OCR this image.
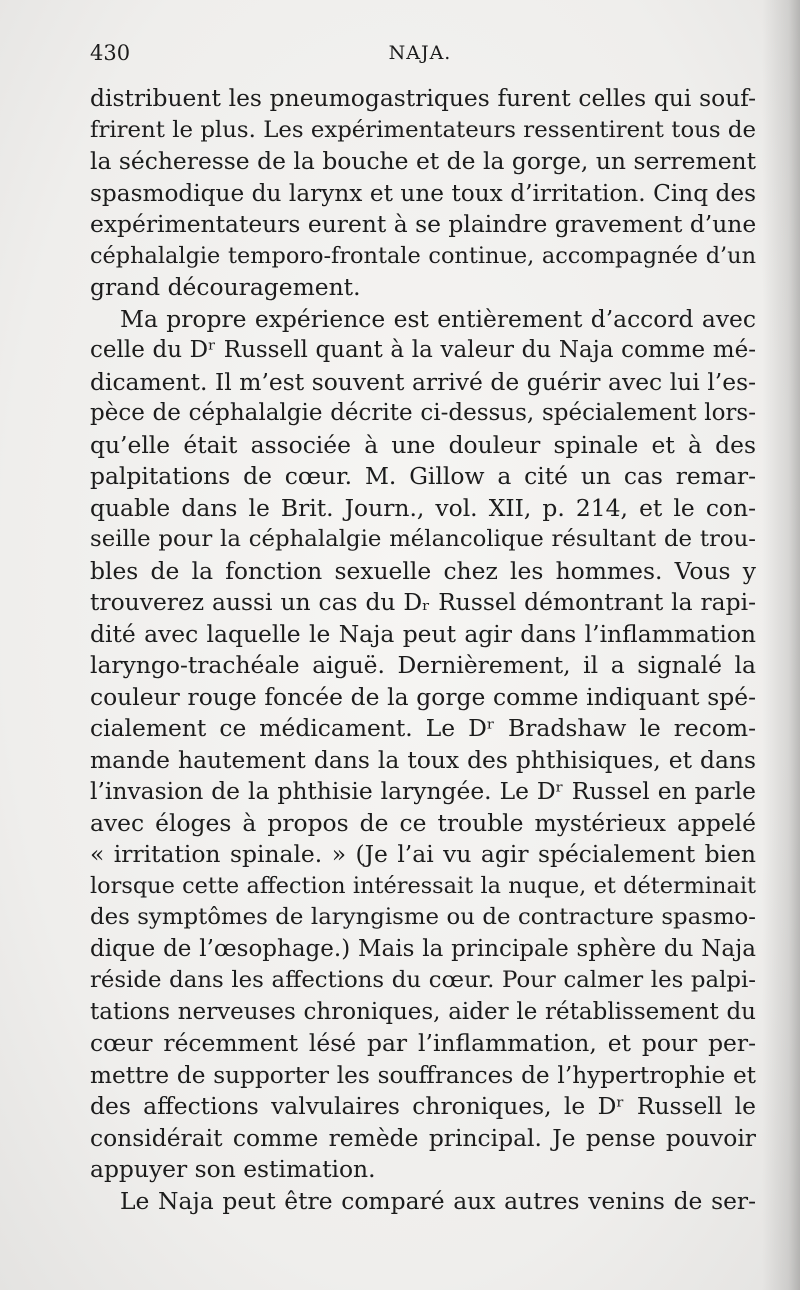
430	NAJA.
distribuent les pneumogastriques furent celles qui souf-
frirent le plus. Les expérimentateurs ressentirent tous de
la sécheresse de la bouche et de la gorge, un serrement
spasmodique du larynx et une toux d’irritation. Cinq des
expérimentateurs eurent à se plaindre gravement d’une
céphalalgie temporo-frontale continue, accompagnée d’un
grand découragement.
Ma propre expérience est entièrement d’accord avec
celle du Dʳ Russell quant à la valeur du Naja comme mé-
dicament. Il m’est souvent arrivé de guérir avec lui l’es-
pèce de céphalalgie décrite ci-dessus, spécialement lors-
qu’elle était associée à une douleur spinale et à des
palpitations de cœur. M. Gillow a cité un cas remar-
quable dans le Brit. Journ., vol. XII, p. 214, et le con-
seille pour la céphalalgie mélancolique résultant de trou-
bles de la fonction sexuelle chez les hommes. Vous y
trouverez aussi un cas du Dᵣ Russel démontrant la rapi-
dité avec laquelle le Naja peut agir dans l’inflammation
laryngo-trachéale aiguë. Dernièrement, il a signalé la
couleur rouge foncée de la gorge comme indiquant spé-
cialement ce médicament. Le Dʳ Bradshaw le recom-
mande hautement dans la toux des phthisiques, et dans
l’invasion de la phthisie laryngée. Le Dʳ Russel en parle
avec éloges à propos de ce trouble mystérieux appelé
« irritation spinale. » (Je l’ai vu agir spécialement bien
lorsque cette affection intéressait la nuque, et déterminait
des symptômes de laryngisme ou de contracture spasmo-
dique de l’œsophage.) Mais la principale sphère du Naja
réside dans les affections du cœur. Pour calmer les palpi-
tations nerveuses chroniques, aider le rétablissement du
cœur récemment lésé par l’inflammation, et pour per-
mettre de supporter les souffrances de l’hypertrophie et
des affections valvulaires chroniques, le Dʳ Russell le
considérait comme remède principal. Je pense pouvoir
appuyer son estimation.
Le Naja peut être comparé aux autres venins de ser-
